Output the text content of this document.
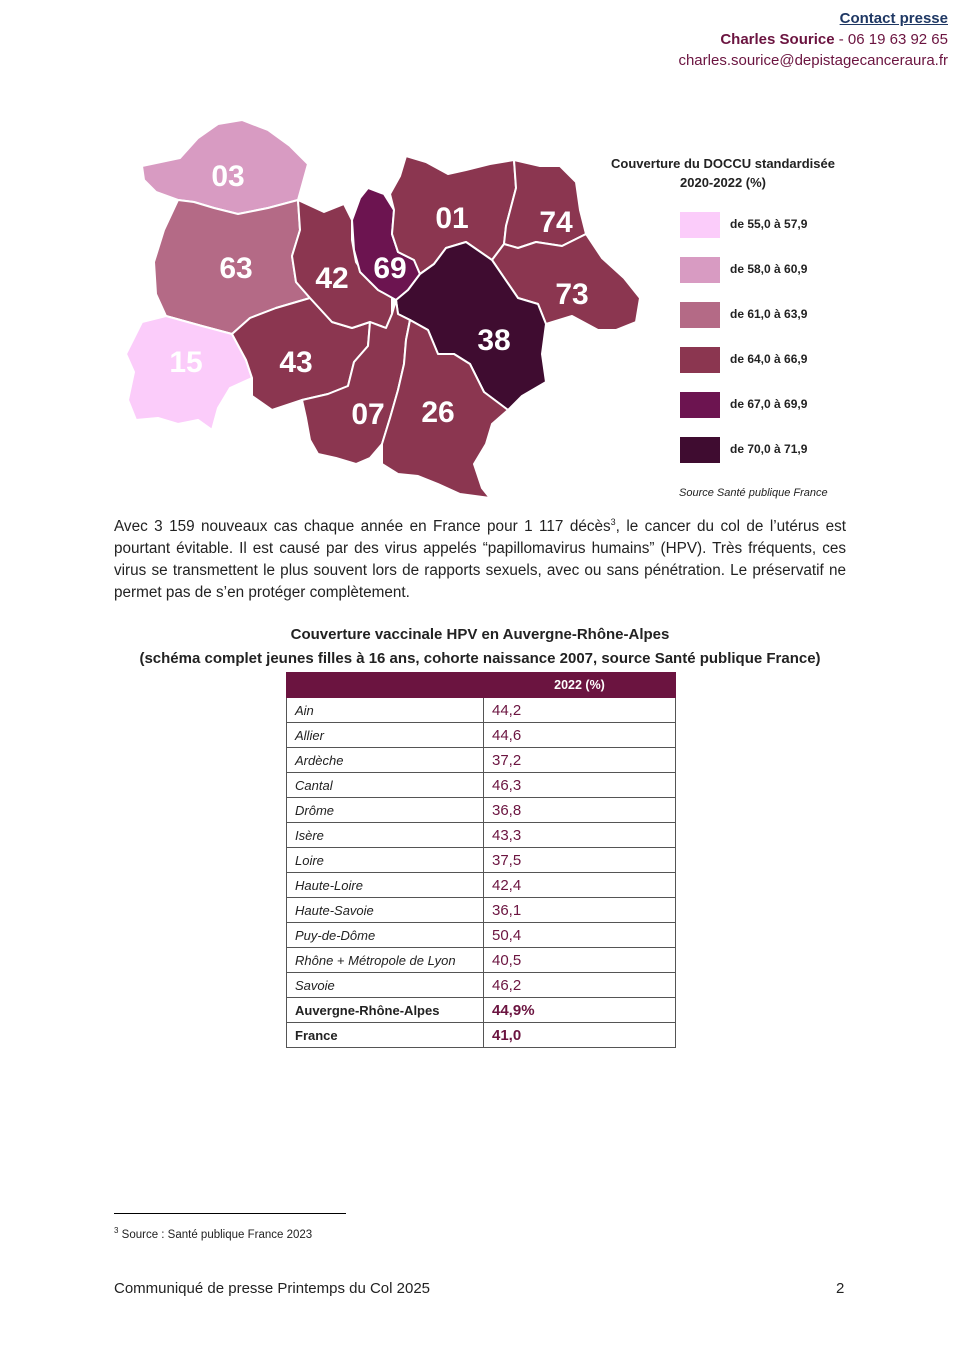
Contact presse
Charles Sourice - 06 19 63 92 65
charles.sourice@depistagecanceraura.fr
03
63
15	43
42 69
01 74
73
38
07 26
Couverture du DOCCU standardisée
2020-2022 (%)
de 55,0 à 57,9
de 58,0 à 60,9
de 61,0 à 63,9
de 64,0 à 66,9
de 67,0 à 69,9
de 70,0 à 71,9
Source Santé publique France

Avec 3 159 nouveaux cas chaque année en France pour 1 117 décès$^3$, le cancer du col de l’utérus est pourtant évitable. Il est causé par des virus appelés “papillomavirus humains” (HPV). Très fréquents, ces virus se transmettent le plus souvent lors de rapports sexuels, avec ou sans pénétration. Le préservatif ne permet pas de s’en protéger complètement.

Couverture vaccinale HPV en Auvergne-Rhône-Alpes
(schéma complet jeunes filles à 16 ans, cohorte naissance 2007, source Santé publique France)
	2022 (%)
Ain	44,2
Allier	44,6
Ardèche	37,2
Cantal	46,3
Drôme	36,8
Isère	43,3
Loire	37,5
Haute-Loire	42,4
Haute-Savoie	36,1
Puy-de-Dôme	50,4
Rhône + Métropole de Lyon	40,5
Savoie	46,2
Auvergne-Rhône-Alpes	44,9%
France	41,0
$^3$ Source : Santé publique France 2023
Communiqué de presse Printemps du Col 2025	2
